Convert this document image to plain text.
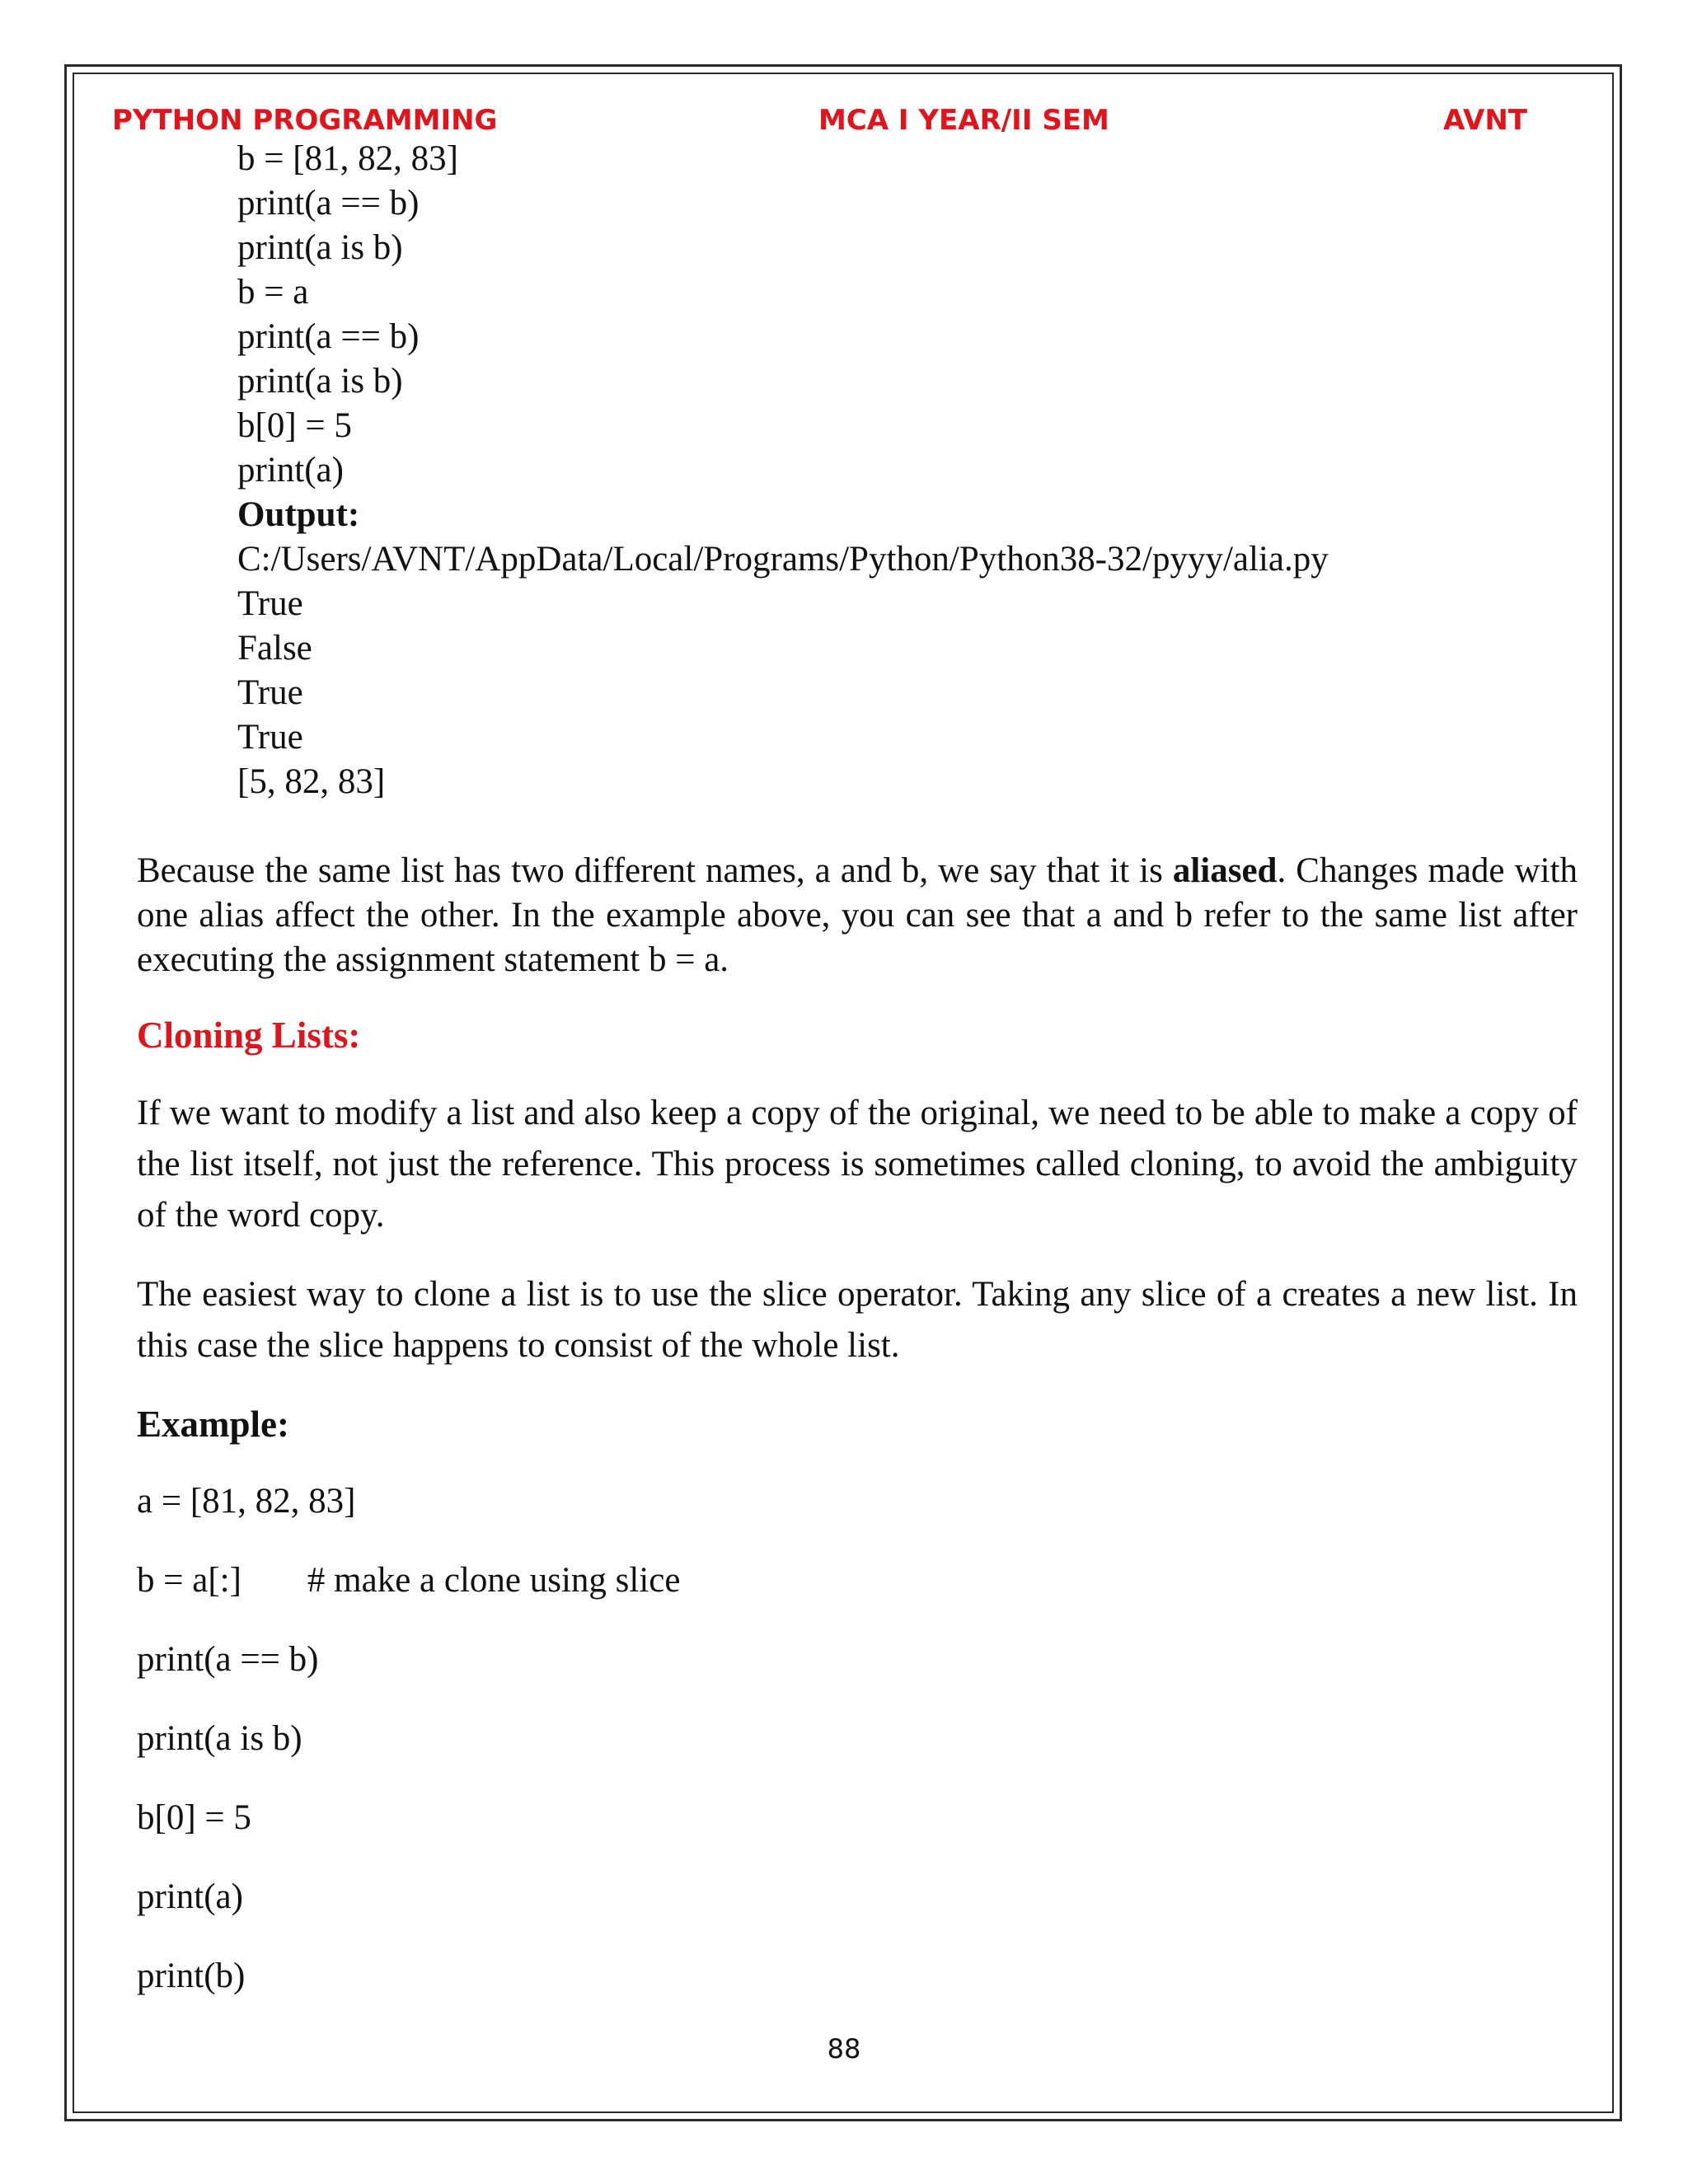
PYTHON PROGRAMMING	MCA I YEAR/II SEM	AVNT
b = [81, 82, 83]
print(a == b)
print(a is b)
b = a
print(a == b)
print(a is b)
b[0] = 5
print(a)
Output:
C:/Users/AVNT/AppData/Local/Programs/Python/Python38-32/pyyy/alia.py
True
False
True
True
[5, 82, 83]
Because the same list has two different names, a and b, we say that it is aliased. Changes made with one alias affect the other. In the example above, you can see that a and b refer to the same list after executing the assignment statement b = a.
Cloning Lists:
If we want to modify a list and also keep a copy of the original, we need to be able to make a copy of the list itself, not just the reference. This process is sometimes called cloning, to avoid the ambiguity of the word copy.
The easiest way to clone a list is to use the slice operator. Taking any slice of a creates a new list. In this case the slice happens to consist of the whole list.
Example:
a = [81, 82, 83]
b = a[:] # make a clone using slice
print(a == b)
print(a is b)
b[0] = 5
print(a)
print(b)
88
